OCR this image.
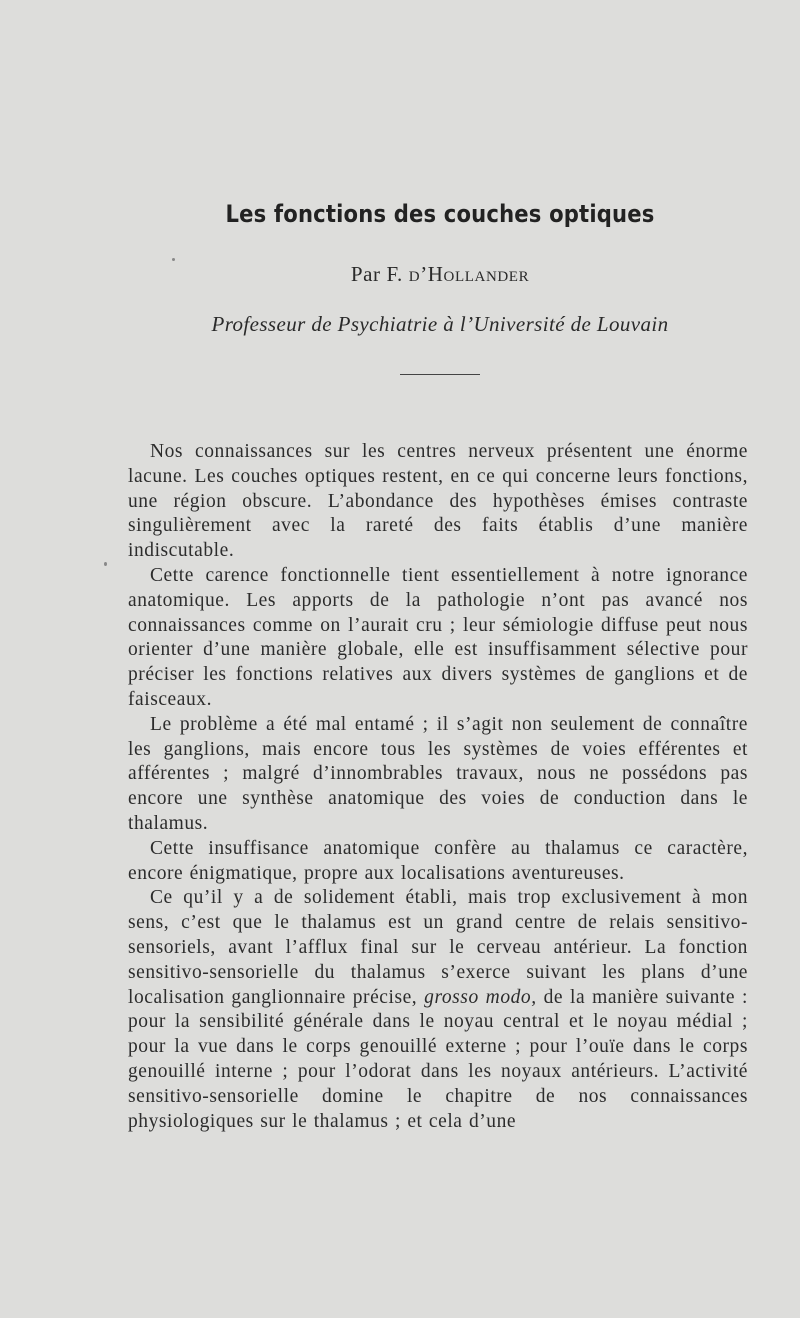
Les fonctions des couches optiques
Par F. d’Hollander
Professeur de Psychiatrie à l’Université de Louvain

Nos connaissances sur les centres nerveux présentent une énorme lacune. Les couches optiques restent, en ce qui concerne leurs fonctions, une région obscure. L’abondance des hypothèses émises contraste singulièrement avec la rareté des faits établis d’une manière indiscutable.

Cette carence fonctionnelle tient essentiellement à notre ignorance anatomique. Les apports de la pathologie n’ont pas avancé nos connaissances comme on l’aurait cru ; leur sémiologie diffuse peut nous orienter d’une manière globale, elle est insuffisamment sélective pour préciser les fonctions relatives aux divers systèmes de ganglions et de faisceaux.

Le problème a été mal entamé ; il s’agit non seulement de connaître les ganglions, mais encore tous les systèmes de voies efférentes et afférentes ; malgré d’innombrables travaux, nous ne possédons pas encore une synthèse anatomique des voies de conduction dans le thalamus.

Cette insuffisance anatomique confère au thalamus ce caractère, encore énigmatique, propre aux localisations aventureuses.

Ce qu’il y a de solidement établi, mais trop exclusivement à mon sens, c’est que le thalamus est un grand centre de relais sensitivo-sensoriels, avant l’afflux final sur le cerveau antérieur. La fonction sensitivo-sensorielle du thalamus s’exerce suivant les plans d’une localisation ganglionnaire précise, grosso modo, de la manière suivante : pour la sensibilité générale dans le noyau central et le noyau médial ; pour la vue dans le corps genouillé externe ; pour l’ouïe dans le corps genouillé interne ; pour l’odorat dans les noyaux antérieurs. L’activité sensitivo-sensorielle domine le chapitre de nos connaissances physiologiques sur le thalamus ; et cela d’une
